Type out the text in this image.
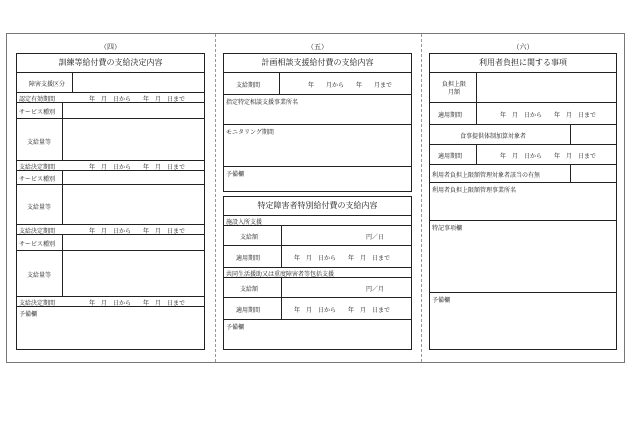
（四）
訓練等給付費の支給決定内容
障害支援区分
認定有効期間	年　月　日から　　年　月　日まで
サービス種別
支給量等
支給決定期間	年　月　日から　　年　月　日まで
サービス種別
支給量等
支給決定期間	年　月　日から　　年　月　日まで
サービス種別
支給量等
支給決定期間	年　月　日から　　年　月　日まで
予備欄
（五）
計画相談支援給付費の支給内容
支給期間	年　　月から　　年　　月まで
指定特定相談支援事業所名
モニタリング期間
予備欄
特定障害者特別給付費の支給内容
施設入所支援
支給額	円／日
適用期間	年　月　日から　　年　月　日まで
共同生活援助又は重度障害者等包括支援
支給額	円／月
適用期間	年　月　日から　　年　月　日まで
予備欄
（六）
利用者負担に関する事項
負担上限月額
適用期間	年　月　日から　　年　月　日まで
食事提供体制加算対象者
適用期間	年　月　日から　　年　月　日まで
利用者負担上限額管理対象者該当の有無
利用者負担上限額管理事業所名
特記事項欄
予備欄
